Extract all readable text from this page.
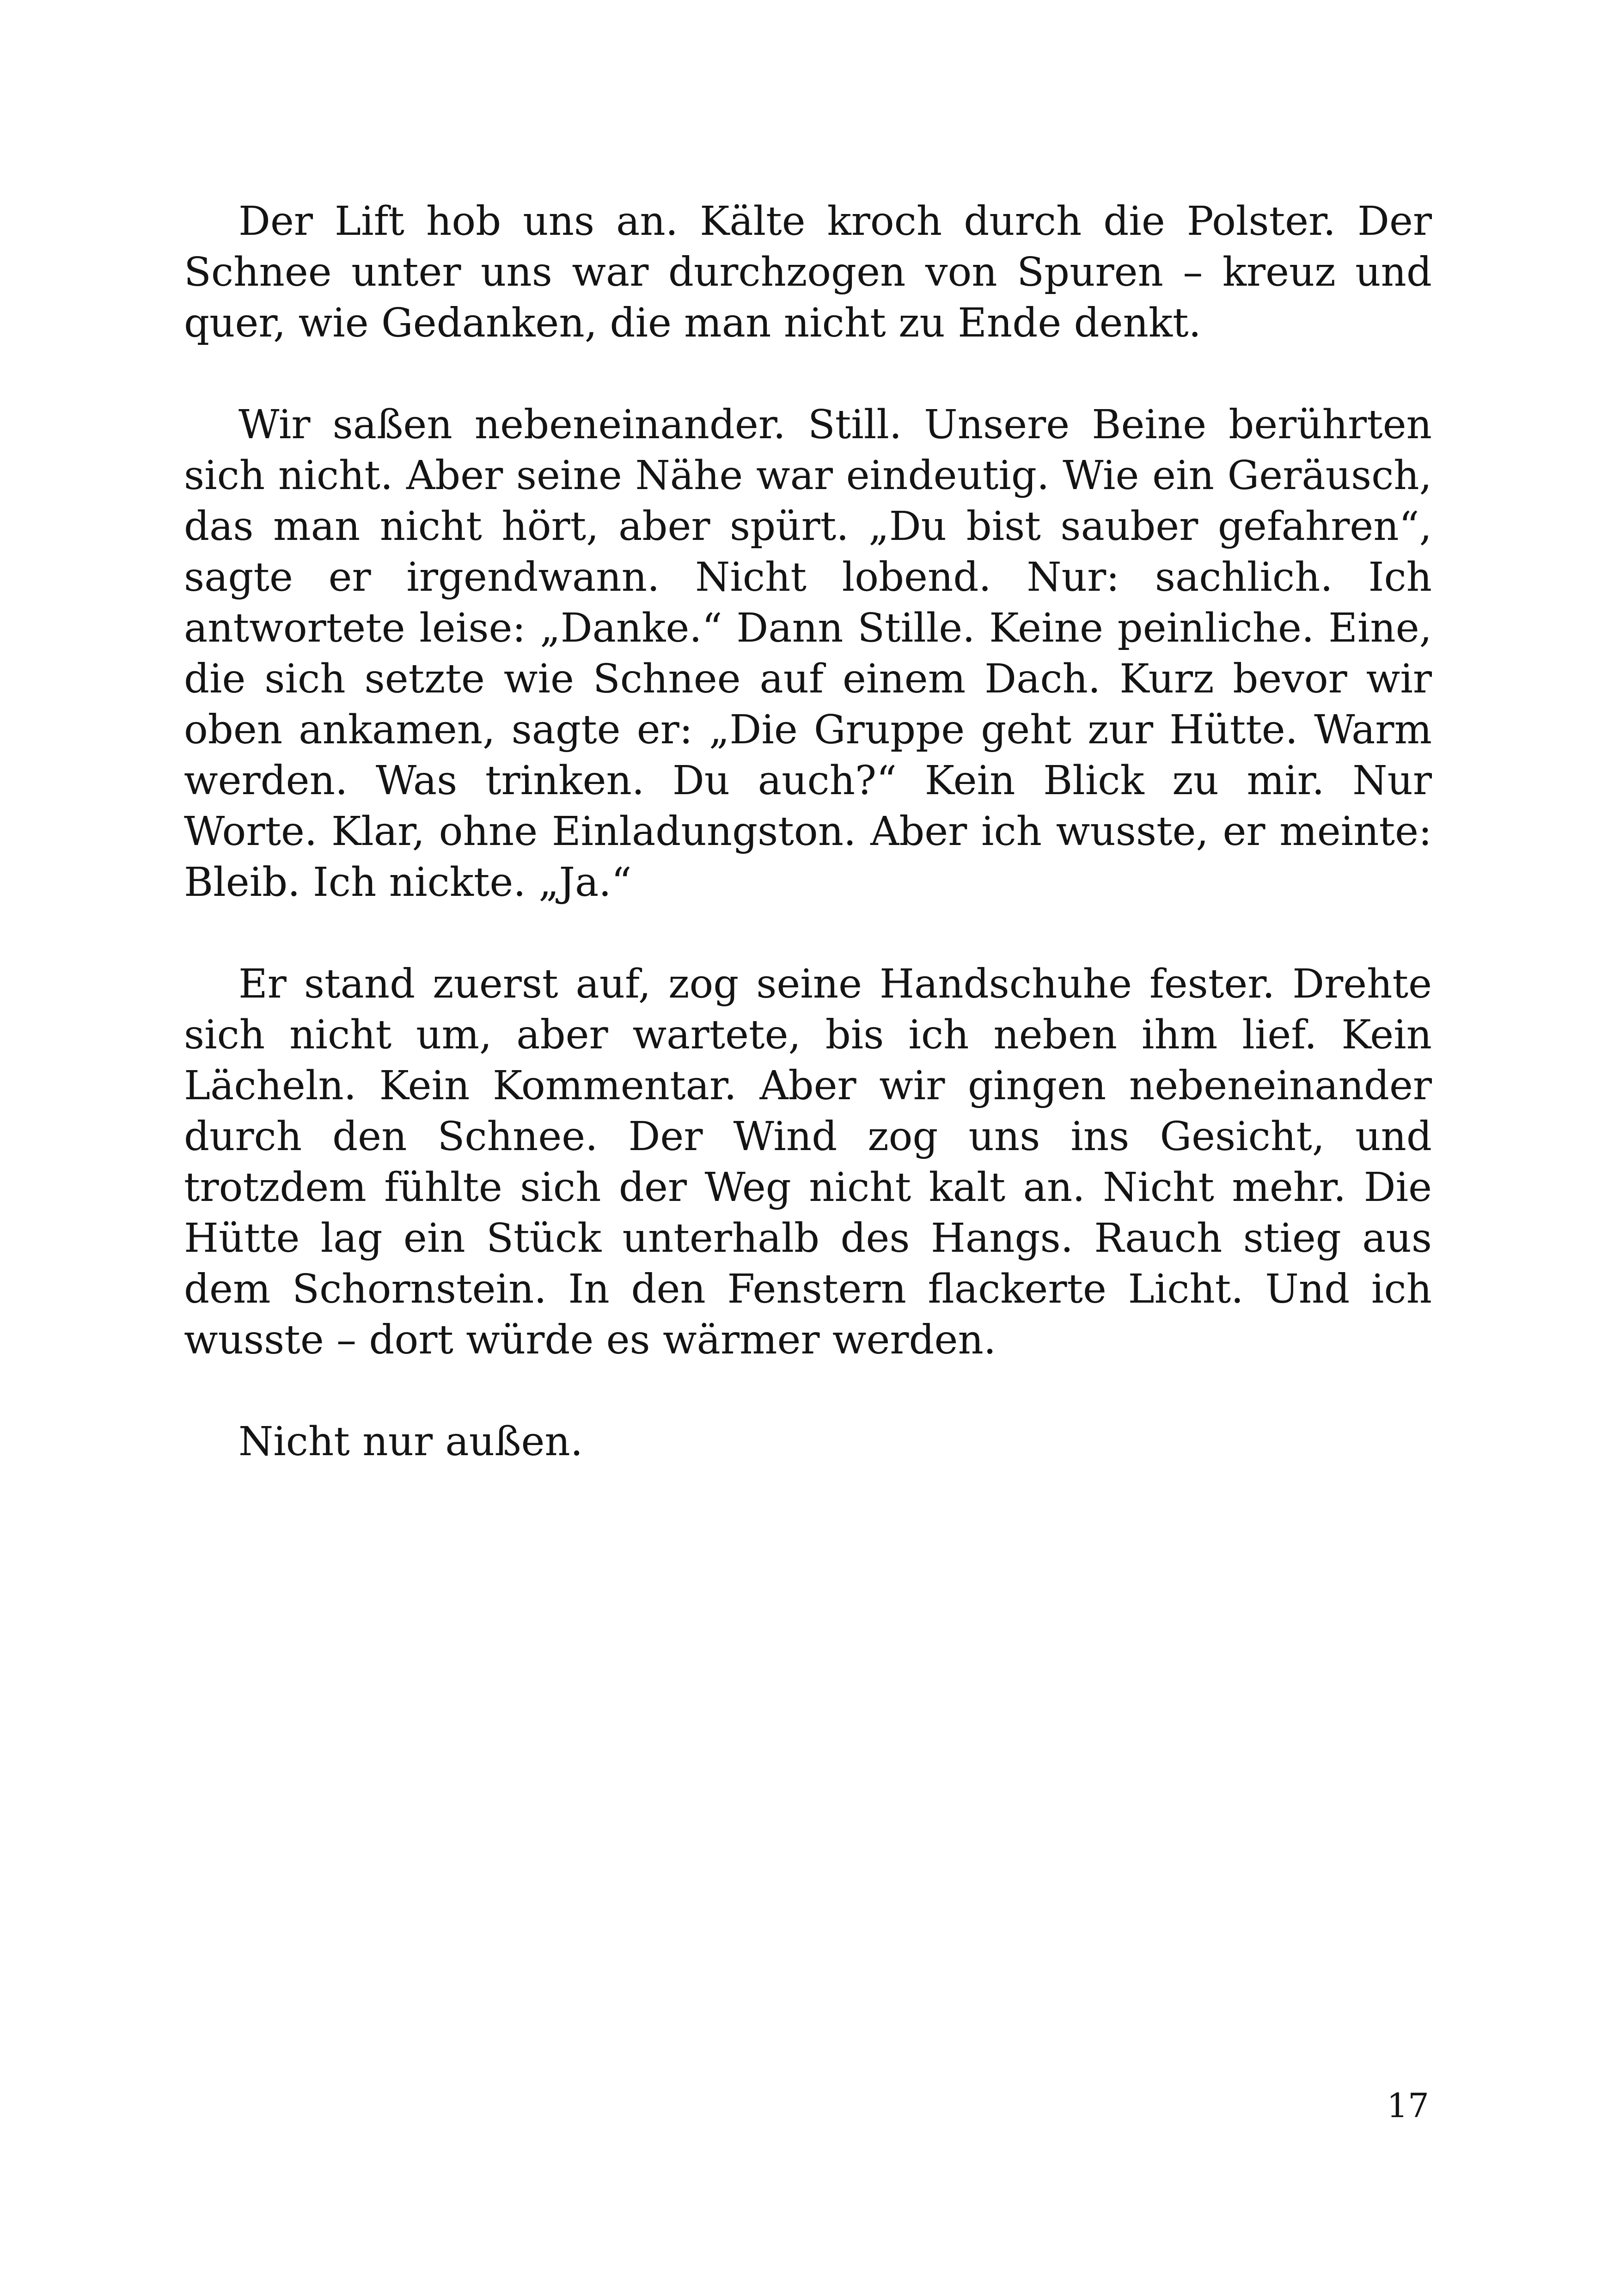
Der Lift hob uns an. Kälte kroch durch die Polster. Der Schnee unter uns war durchzogen von Spuren – kreuz und quer, wie Gedanken, die man nicht zu Ende denkt.

Wir saßen nebeneinander. Still. Unsere Beine berührten sich nicht. Aber seine Nähe war eindeutig. Wie ein Geräusch, das man nicht hört, aber spürt. „Du bist sauber gefahren“, sagte er irgendwann. Nicht lobend. Nur: sachlich. Ich antwortete leise: „Danke.“ Dann Stille. Keine peinliche. Eine, die sich setzte wie Schnee auf einem Dach. Kurz bevor wir oben ankamen, sagte er: „Die Gruppe geht zur Hütte. Warm werden. Was trinken. Du auch?“ Kein Blick zu mir. Nur Worte. Klar, ohne Einladungston. Aber ich wusste, er meinte: Bleib. Ich nickte. „Ja.“

Er stand zuerst auf, zog seine Handschuhe fester. Drehte sich nicht um, aber wartete, bis ich neben ihm lief. Kein Lächeln. Kein Kommentar. Aber wir gingen nebeneinander durch den Schnee. Der Wind zog uns ins Gesicht, und trotzdem fühlte sich der Weg nicht kalt an. Nicht mehr. Die Hütte lag ein Stück unterhalb des Hangs. Rauch stieg aus dem Schornstein. In den Fenstern flackerte Licht. Und ich wusste – dort würde es wärmer werden.

Nicht nur außen.

17
